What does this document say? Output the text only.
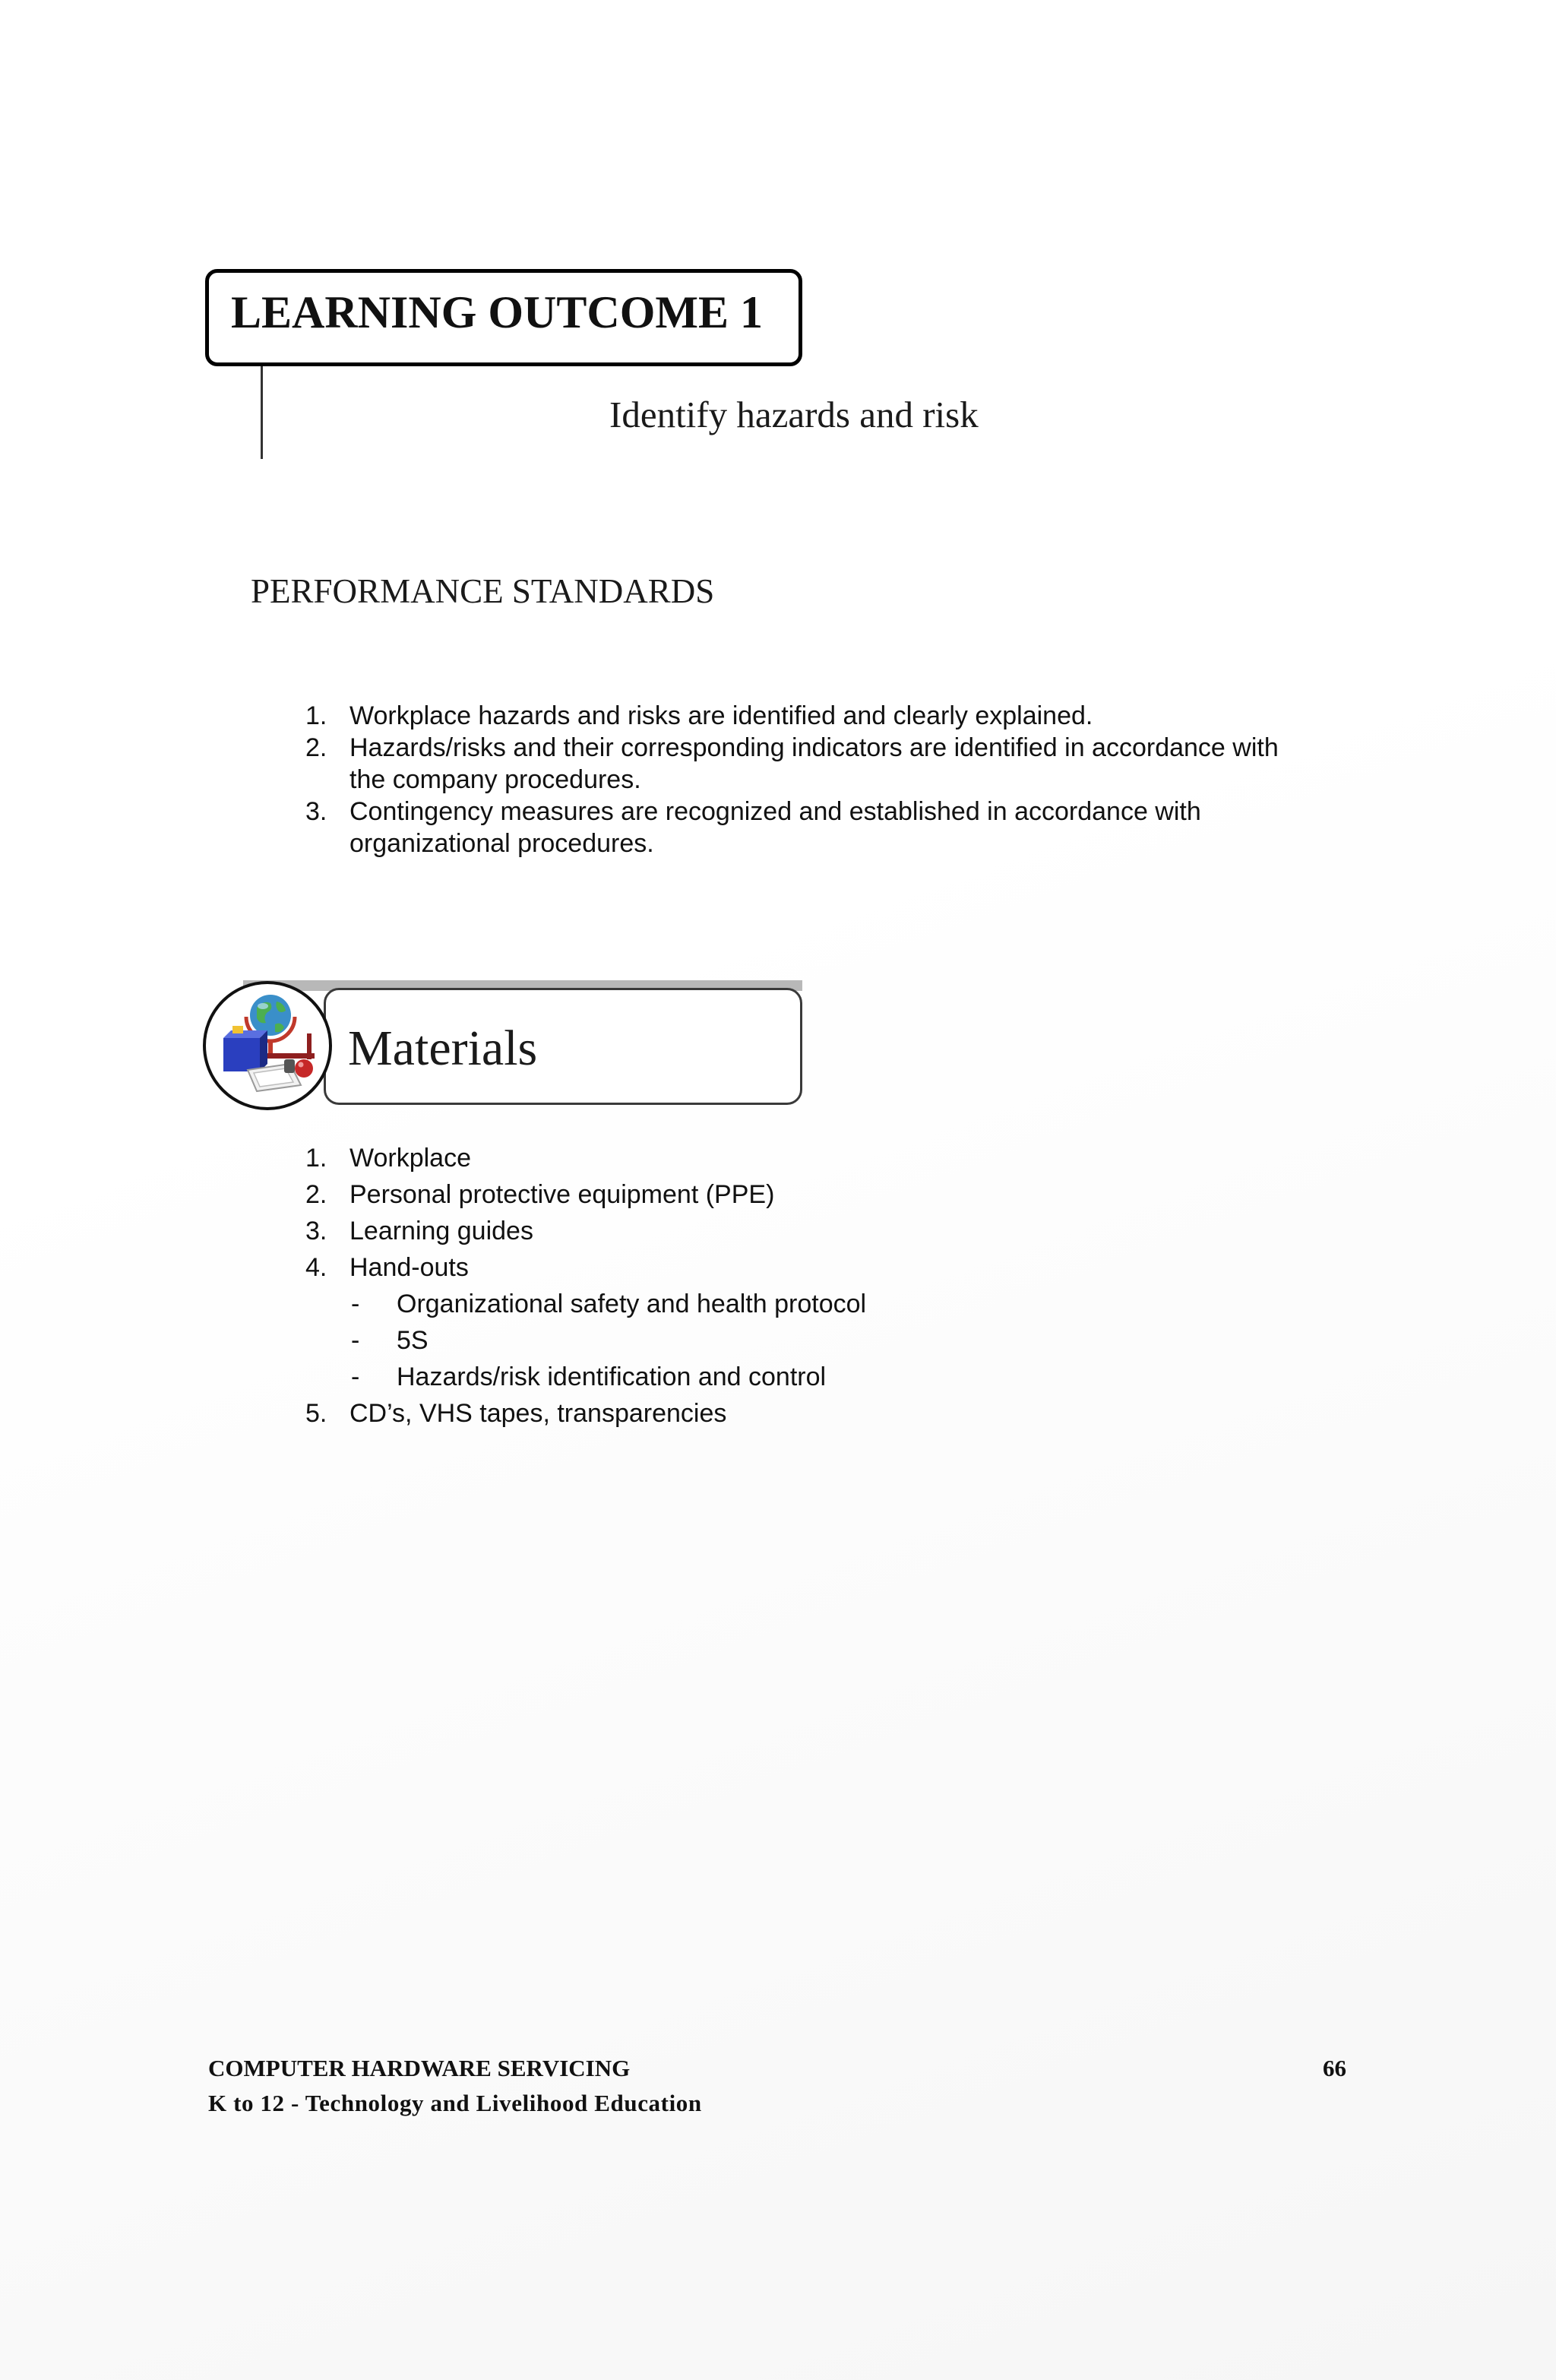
LEARNING OUTCOME 1
Identify hazards and risk
PERFORMANCE STANDARDS
1. Workplace hazards and risks are identified and clearly explained.
2. Hazards/risks and their corresponding indicators are identified in accordance with the company procedures.
3. Contingency measures are recognized and established in accordance with organizational procedures.
Materials
1. Workplace
2. Personal protective equipment (PPE)
3. Learning guides
4. Hand-outs
-	Organizational safety and health protocol
-	5S
-	Hazards/risk identification and control
5. CD’s, VHS tapes, transparencies
COMPUTER HARDWARE SERVICING
K to 12 - Technology and Livelihood Education
66
